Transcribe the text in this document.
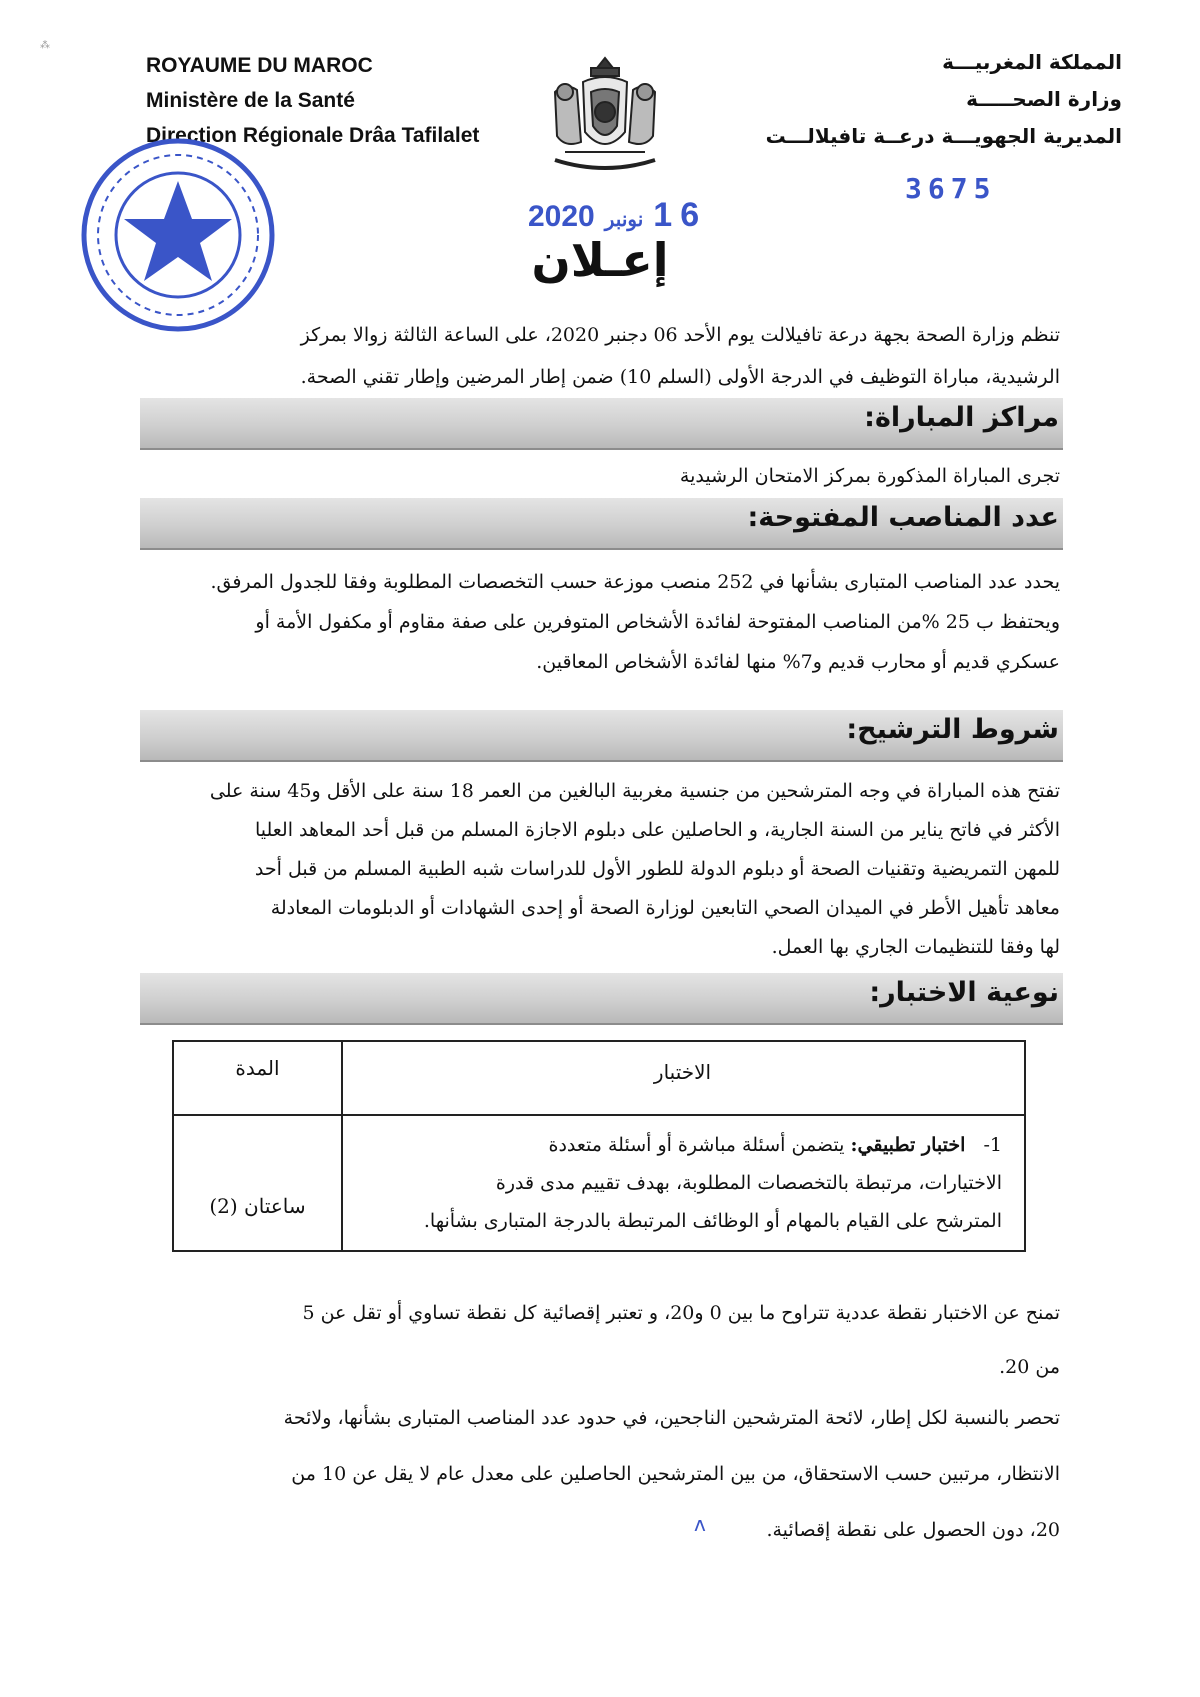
⁂
ROYAUME DU MAROC
Ministère de la Santé
Direction Régionale Drâa Tafilalet
المملكة المغربيـــة
وزارة الصحـــــة
المديرية الجهويـــة درعــة تافيلالـــت
3675
2020 نونبر 16
إعـلان
تنظم وزارة الصحة بجهة درعة تافيلالت يوم الأحد 06 دجنبر 2020، على الساعة الثالثة زوالا بمركز
الرشيدية، مباراة التوظيف في الدرجة الأولى (السلم 10) ضمن إطار المرضين وإطار تقني الصحة.
مراكز المباراة:
تجرى المباراة المذكورة بمركز الامتحان الرشيدية
عدد المناصب المفتوحة:
يحدد عدد المناصب المتبارى بشأنها في 252 منصب موزعة حسب التخصصات المطلوبة وفقا للجدول المرفق.
ويحتفظ ب 25 %من المناصب المفتوحة لفائدة الأشخاص المتوفرين على صفة مقاوم أو مكفول الأمة أو
عسكري قديم أو محارب قديم و7% منها لفائدة الأشخاص المعاقين.
شروط الترشيح:
تفتح هذه المباراة في وجه المترشحين من جنسية مغربية البالغين من العمر 18 سنة على الأقل و45 سنة على
الأكثر في فاتح يناير من السنة الجارية، و الحاصلين على دبلوم الاجازة المسلم من قبل أحد المعاهد العليا
للمهن التمريضية وتقنيات الصحة أو دبلوم الدولة للطور الأول للدراسات شبه الطبية المسلم من قبل أحد
معاهد تأهيل الأطر في الميدان الصحي التابعين لوزارة الصحة أو إحدى الشهادات أو الدبلومات المعادلة
لها وفقا للتنظيمات الجاري بها العمل.
نوعية الاختبار:
الاختبار
المدة
1-   اختبار تطبيقي: يتضمن أسئلة مباشرة أو أسئلة متعددة
الاختيارات، مرتبطة بالتخصصات المطلوبة، بهدف تقييم مدى قدرة
المترشح على القيام بالمهام أو الوظائف المرتبطة بالدرجة المتبارى بشأنها.
ساعتان (2)
تمنح عن الاختبار نقطة عددية تتراوح ما بين 0 و20، و تعتبر إقصائية كل نقطة تساوي أو تقل عن 5
من 20.
تحصر بالنسبة لكل إطار، لائحة المترشحين الناجحين، في حدود عدد المناصب المتبارى بشأنها، ولائحة
الانتظار، مرتبين حسب الاستحقاق، من بين المترشحين الحاصلين على معدل عام لا يقل عن 10 من
20، دون الحصول على نقطة إقصائية.
ʌ
